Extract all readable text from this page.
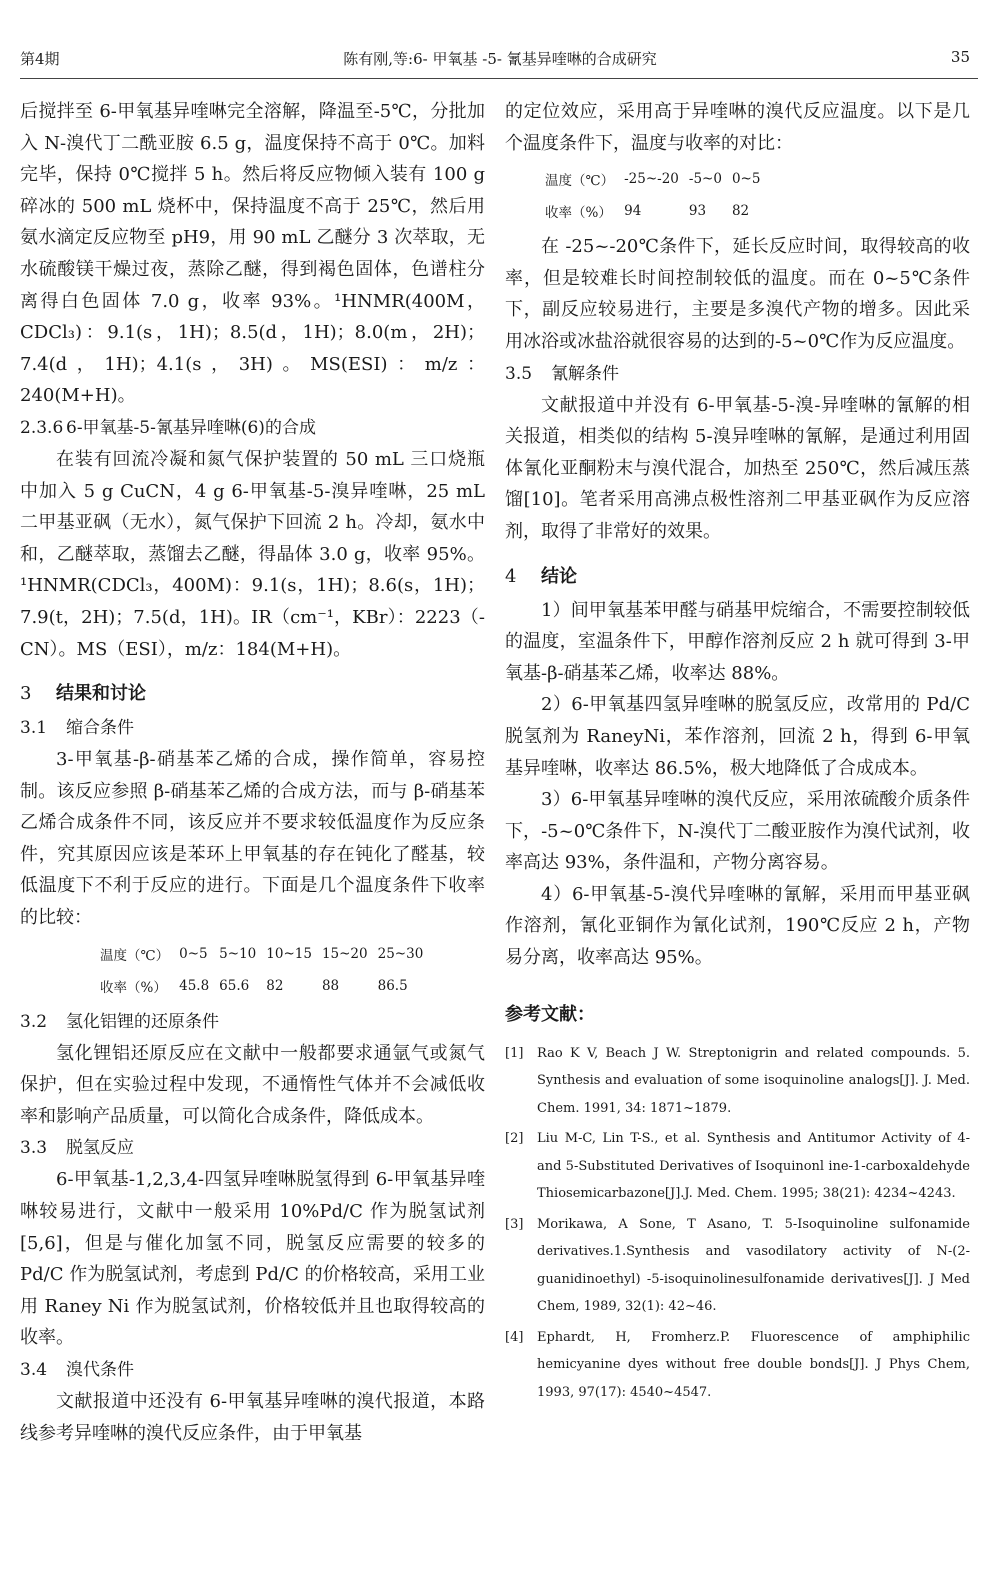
第4期	陈有刚,等:6- 甲氧基 -5- 氰基异喹啉的合成研究	35

后搅拌至 6-甲氧基异喹啉完全溶解，降温至-5℃，分批加入 N-溴代丁二酰亚胺 6.5 g，温度保持不高于 0℃。加料完毕，保持 0℃搅拌 5 h。然后将反应物倾入装有 100 g 碎冰的 500 mL 烧杯中，保持温度不高于 25℃，然后用氨水滴定反应物至 pH9，用 90 mL 乙醚分 3 次萃取，无水硫酸镁干燥过夜，蒸除乙醚，得到褐色固体，色谱柱分离得白色固体 7.0 g，收率 93%。¹HNMR(400M，CDCl₃)：9.1(s，1H)；8.5(d，1H)；8.0(m，2H)；7.4(d，1H)；4.1(s，3H)。MS(ESI)：m/z：240(M+H)。

2.3.6 6-甲氧基-5-氰基异喹啉(6)的合成

在装有回流冷凝和氮气保护装置的 50 mL 三口烧瓶中加入 5 g CuCN，4 g 6-甲氧基-5-溴异喹啉，25 mL 二甲基亚砜（无水），氮气保护下回流 2 h。冷却，氨水中和，乙醚萃取，蒸馏去乙醚，得晶体 3.0 g，收率 95%。¹HNMR(CDCl₃，400M)：9.1(s，1H)；8.6(s，1H)；7.9(t，2H)；7.5(d，1H)。IR（cm⁻¹，KBr）：2223（-CN）。MS（ESI），m/z：184(M+H)。

3 结果和讨论
3.1 缩合条件

3-甲氧基-β-硝基苯乙烯的合成，操作简单，容易控制。该反应参照 β-硝基苯乙烯的合成方法，而与 β-硝基苯乙烯合成条件不同，该反应并不要求较低温度作为反应条件，究其原因应该是苯环上甲氧基的存在钝化了醛基，较低温度下不利于反应的进行。下面是几个温度条件下收率的比较：

温度（℃）	0~5	5~10	10~15	15~20	25~30
收率（%）	45.8	65.6	82	88	86.5
3.2 氢化铝锂的还原条件

氢化锂铝还原反应在文献中一般都要求通氩气或氮气保护，但在实验过程中发现，不通惰性气体并不会减低收率和影响产品质量，可以简化合成条件，降低成本。

3.3 脱氢反应

6-甲氧基-1,2,3,4-四氢异喹啉脱氢得到 6-甲氧基异喹啉较易进行，文献中一般采用 10%Pd/C 作为脱氢试剂[5,6]，但是与催化加氢不同，脱氢反应需要的较多的 Pd/C 作为脱氢试剂，考虑到 Pd/C 的价格较高，采用工业用 Raney Ni 作为脱氢试剂，价格较低并且也取得较高的收率。

3.4 溴代条件

文献报道中还没有 6-甲氧基异喹啉的溴代报道，本路线参考异喹啉的溴代反应条件，由于甲氧基

的定位效应，采用高于异喹啉的溴代反应温度。以下是几个温度条件下，温度与收率的对比：

温度（℃）	-25~-20	-5~0	0~5
收率（%）	94	93	82

在 -25~-20℃条件下，延长反应时间，取得较高的收率，但是较难长时间控制较低的温度。而在 0~5℃条件下，副反应较易进行，主要是多溴代产物的增多。因此采用冰浴或冰盐浴就很容易的达到的-5~0℃作为反应温度。

3.5 氰解条件

文献报道中并没有 6-甲氧基-5-溴-异喹啉的氰解的相关报道，相类似的结构 5-溴异喹啉的氰解，是通过利用固体氰化亚酮粉末与溴代混合，加热至 250℃，然后减压蒸馏[10]。笔者采用高沸点极性溶剂二甲基亚砜作为反应溶剂，取得了非常好的效果。

4 结论

1）间甲氧基苯甲醛与硝基甲烷缩合，不需要控制较低的温度，室温条件下，甲醇作溶剂反应 2 h 就可得到 3-甲氧基-β-硝基苯乙烯，收率达 88%。

2）6-甲氧基四氢异喹啉的脱氢反应，改常用的 Pd/C 脱氢剂为 RaneyNi，苯作溶剂，回流 2 h，得到 6-甲氧基异喹啉，收率达 86.5%，极大地降低了合成成本。

3）6-甲氧基异喹啉的溴代反应，采用浓硫酸介质条件下，-5~0℃条件下，N-溴代丁二酸亚胺作为溴代试剂，收率高达 93%，条件温和，产物分离容易。

4）6-甲氧基-5-溴代异喹啉的氰解，采用而甲基亚砜作溶剂，氰化亚铜作为氰化试剂，190℃反应 2 h，产物易分离，收率高达 95%。

参考文献：
[1] Rao K V, Beach J W. Streptonigrin and related compounds. 5. Synthesis and evaluation of some isoquinoline analogs[J]. J. Med. Chem. 1991, 34: 1871~1879.
[2] Liu M-C, Lin T-S., et al. Synthesis and Antitumor Activity of 4- and 5-Substituted Derivatives of Isoquinonl ine-1-carboxaldehyde Thiosemicarbazone[J].J. Med. Chem. 1995; 38(21): 4234~4243.
[3] Morikawa, A Sone, T Asano, T. 5-Isoquinoline sulfonamide derivatives.1.Synthesis and vasodilatory activity of N-(2-guanidinoethyl) -5-isoquinolinesulfonamide derivatives[J]. J Med Chem, 1989, 32(1): 42~46.
[4] Ephardt, H, Fromherz.P. Fluorescence of amphiphilic hemicyanine dyes without free double bonds[J]. J Phys Chem, 1993, 97(17): 4540~4547.
